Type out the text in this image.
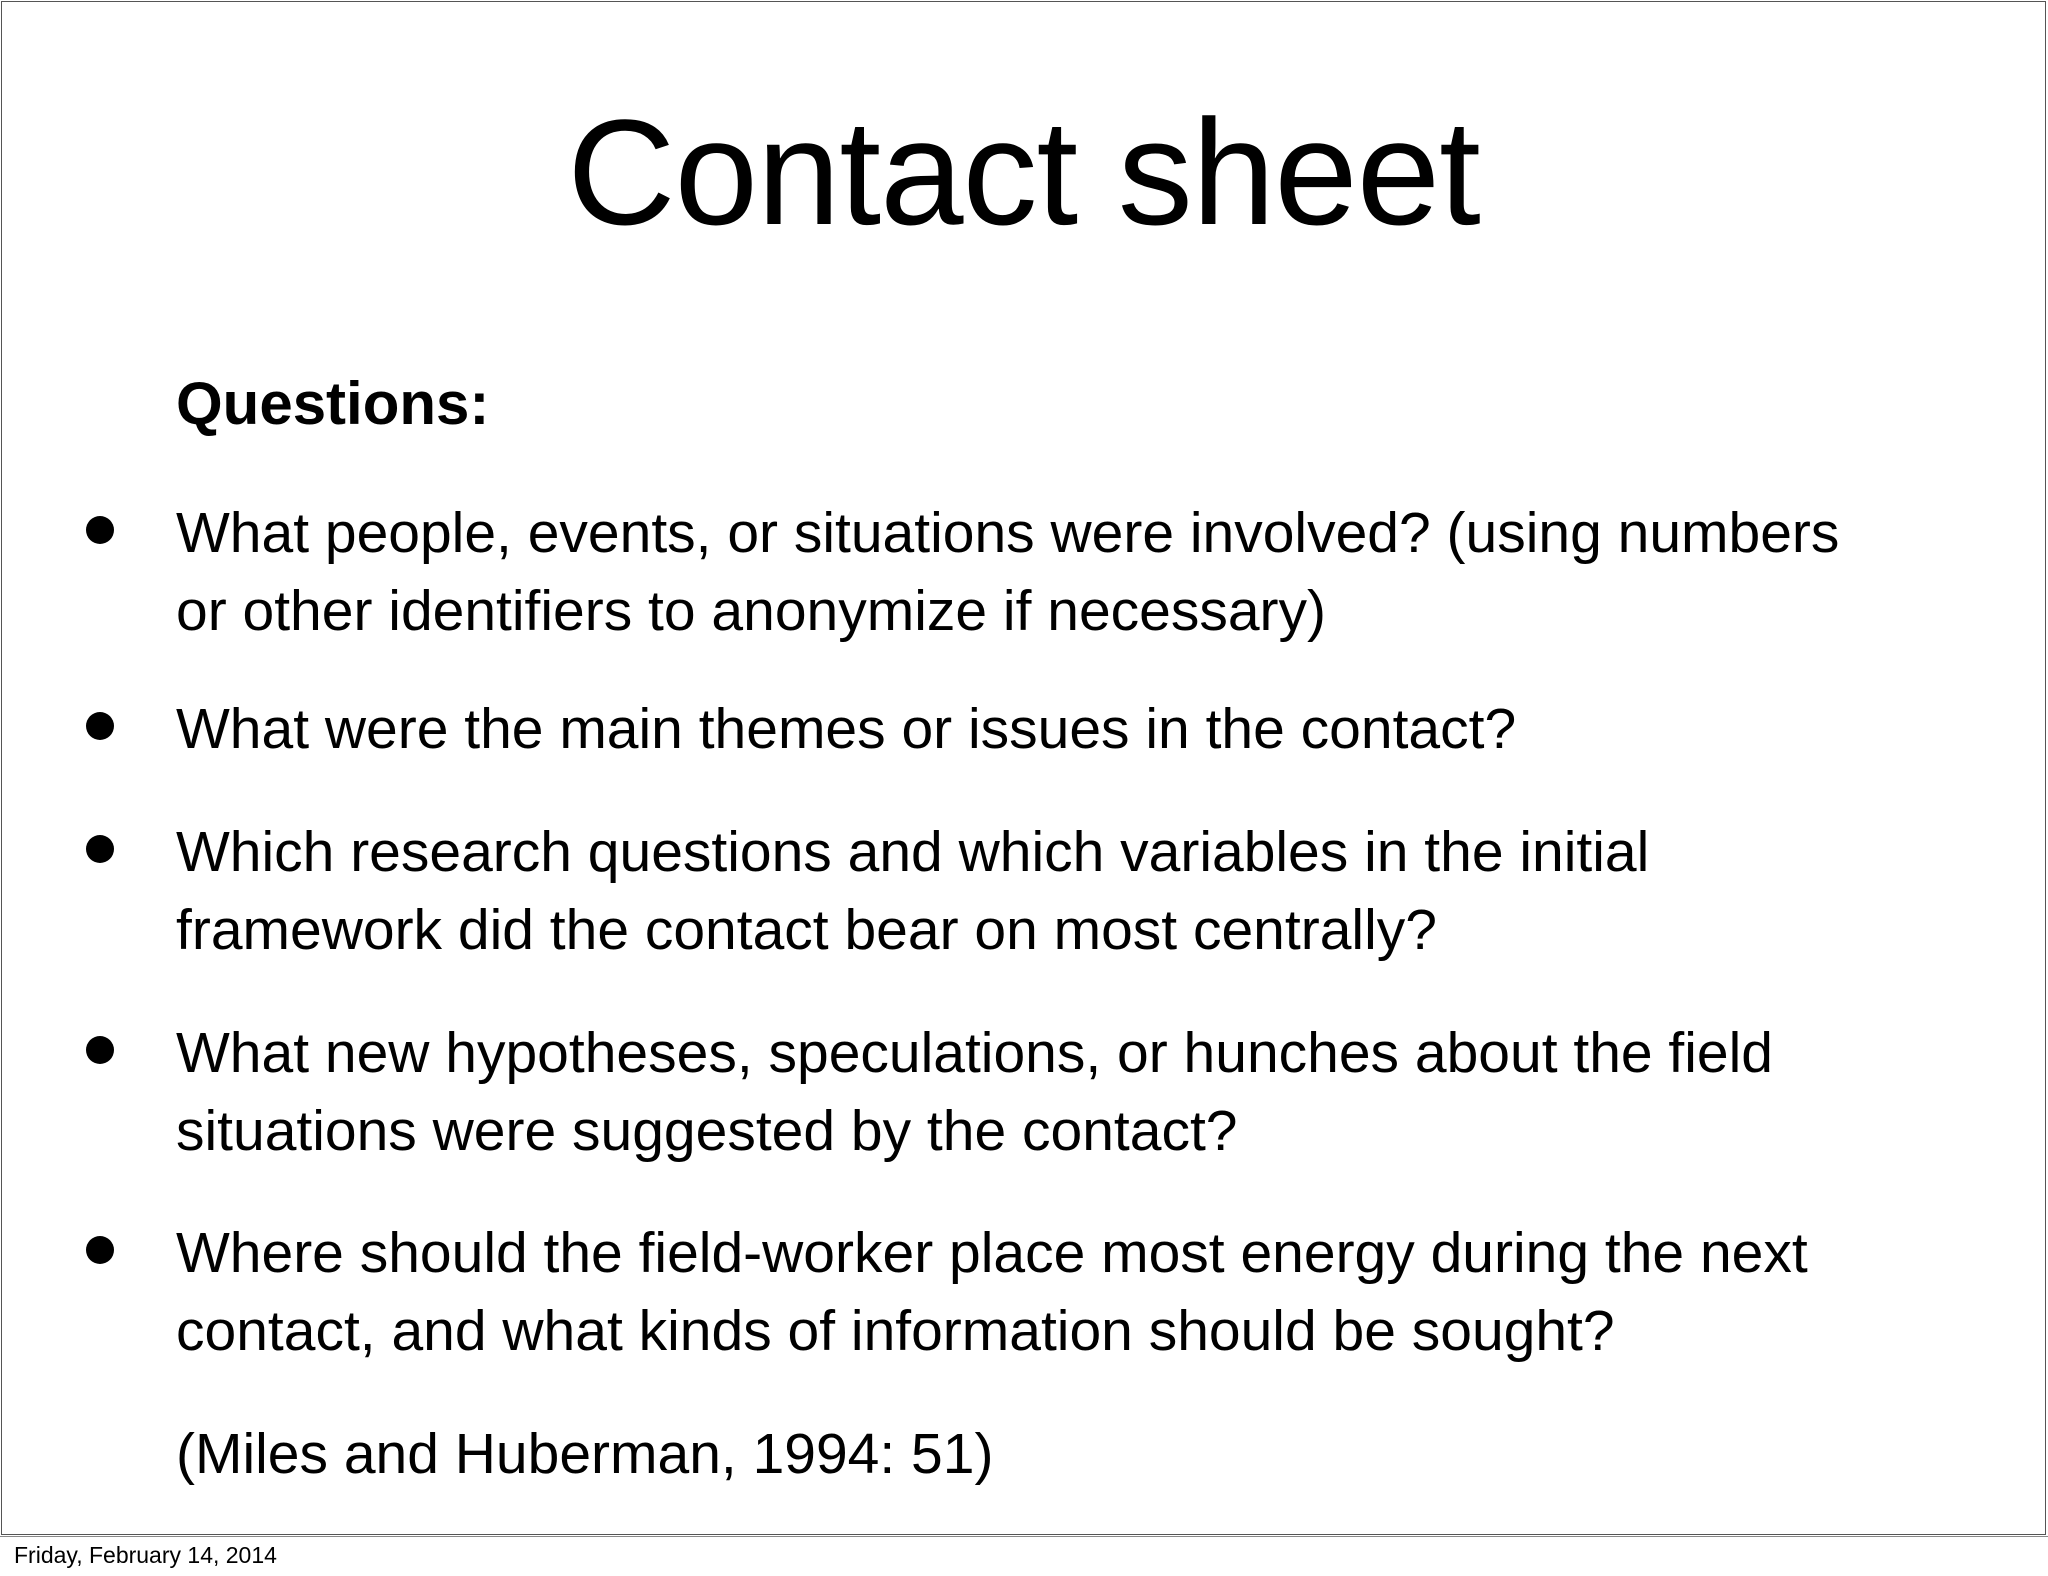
Contact sheet
Questions:
What people, events, or situations were involved? (using numbers
or other identifiers to anonymize if necessary)
What were the main themes or issues in the contact?
Which research questions and which variables in the initial
framework did the contact bear on most centrally?
What new hypotheses, speculations, or hunches about the field
situations were suggested by the contact?
Where should the field-worker place most energy during the next
contact, and what kinds of information should be sought?
(Miles and Huberman, 1994: 51)
Friday, February 14, 2014
